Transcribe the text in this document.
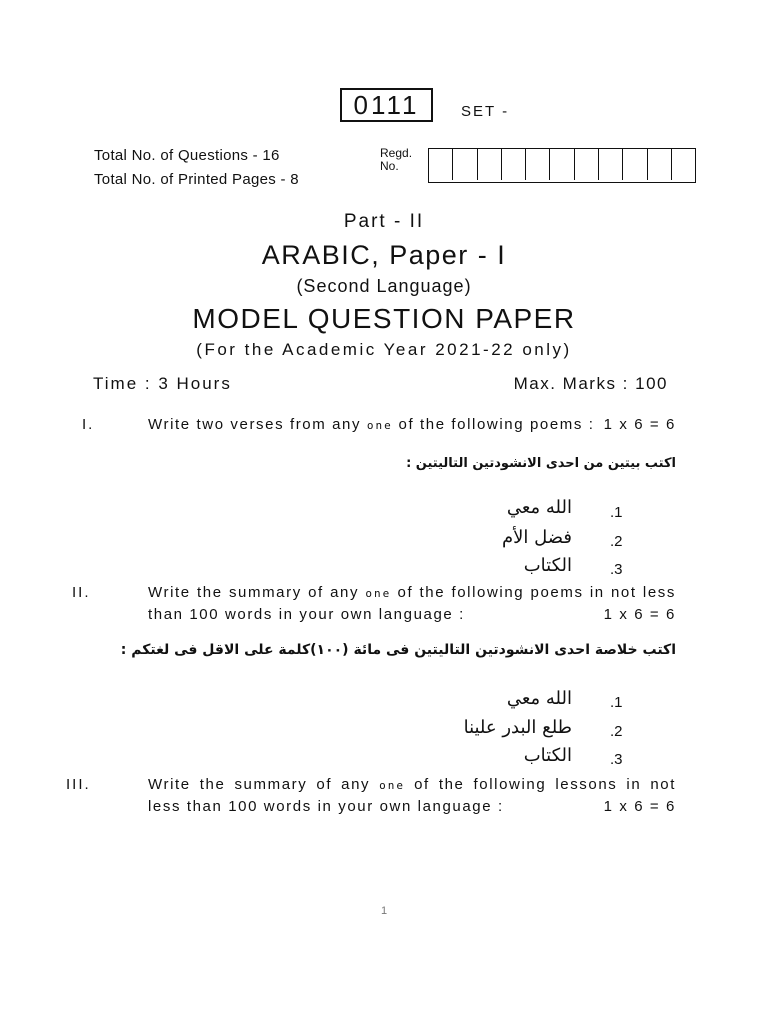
0111	SET -
Total No. of Questions - 16
Total No. of Printed Pages - 8
Regd.
No.
Part - II
ARABIC, Paper - I
(Second Language)
MODEL QUESTION PAPER
(For the Academic Year 2021-22 only)
Time : 3 Hours	Max. Marks : 100
I.	Write two verses from any one of the following poems : 1 x 6 = 6
اكتب بيتين من احدى الانشودتين التاليتين :
الله معي	.1
فضل الأم	.2
الكتاب	.3
II.	Write the summary of any one of the following poems in not less
than 100 words in your own language :	1 x 6 = 6
اكتب خلاصة احدى الانشودتين التاليتين فى مائة (١٠٠)كلمة على الاقل فى لغتكم :
الله معي	.1
طلع البدر علينا	.2
الكتاب	.3
III.	Write the summary of any one of the following lessons in not
less than 100 words in your own language :	1 x 6 = 6
1
